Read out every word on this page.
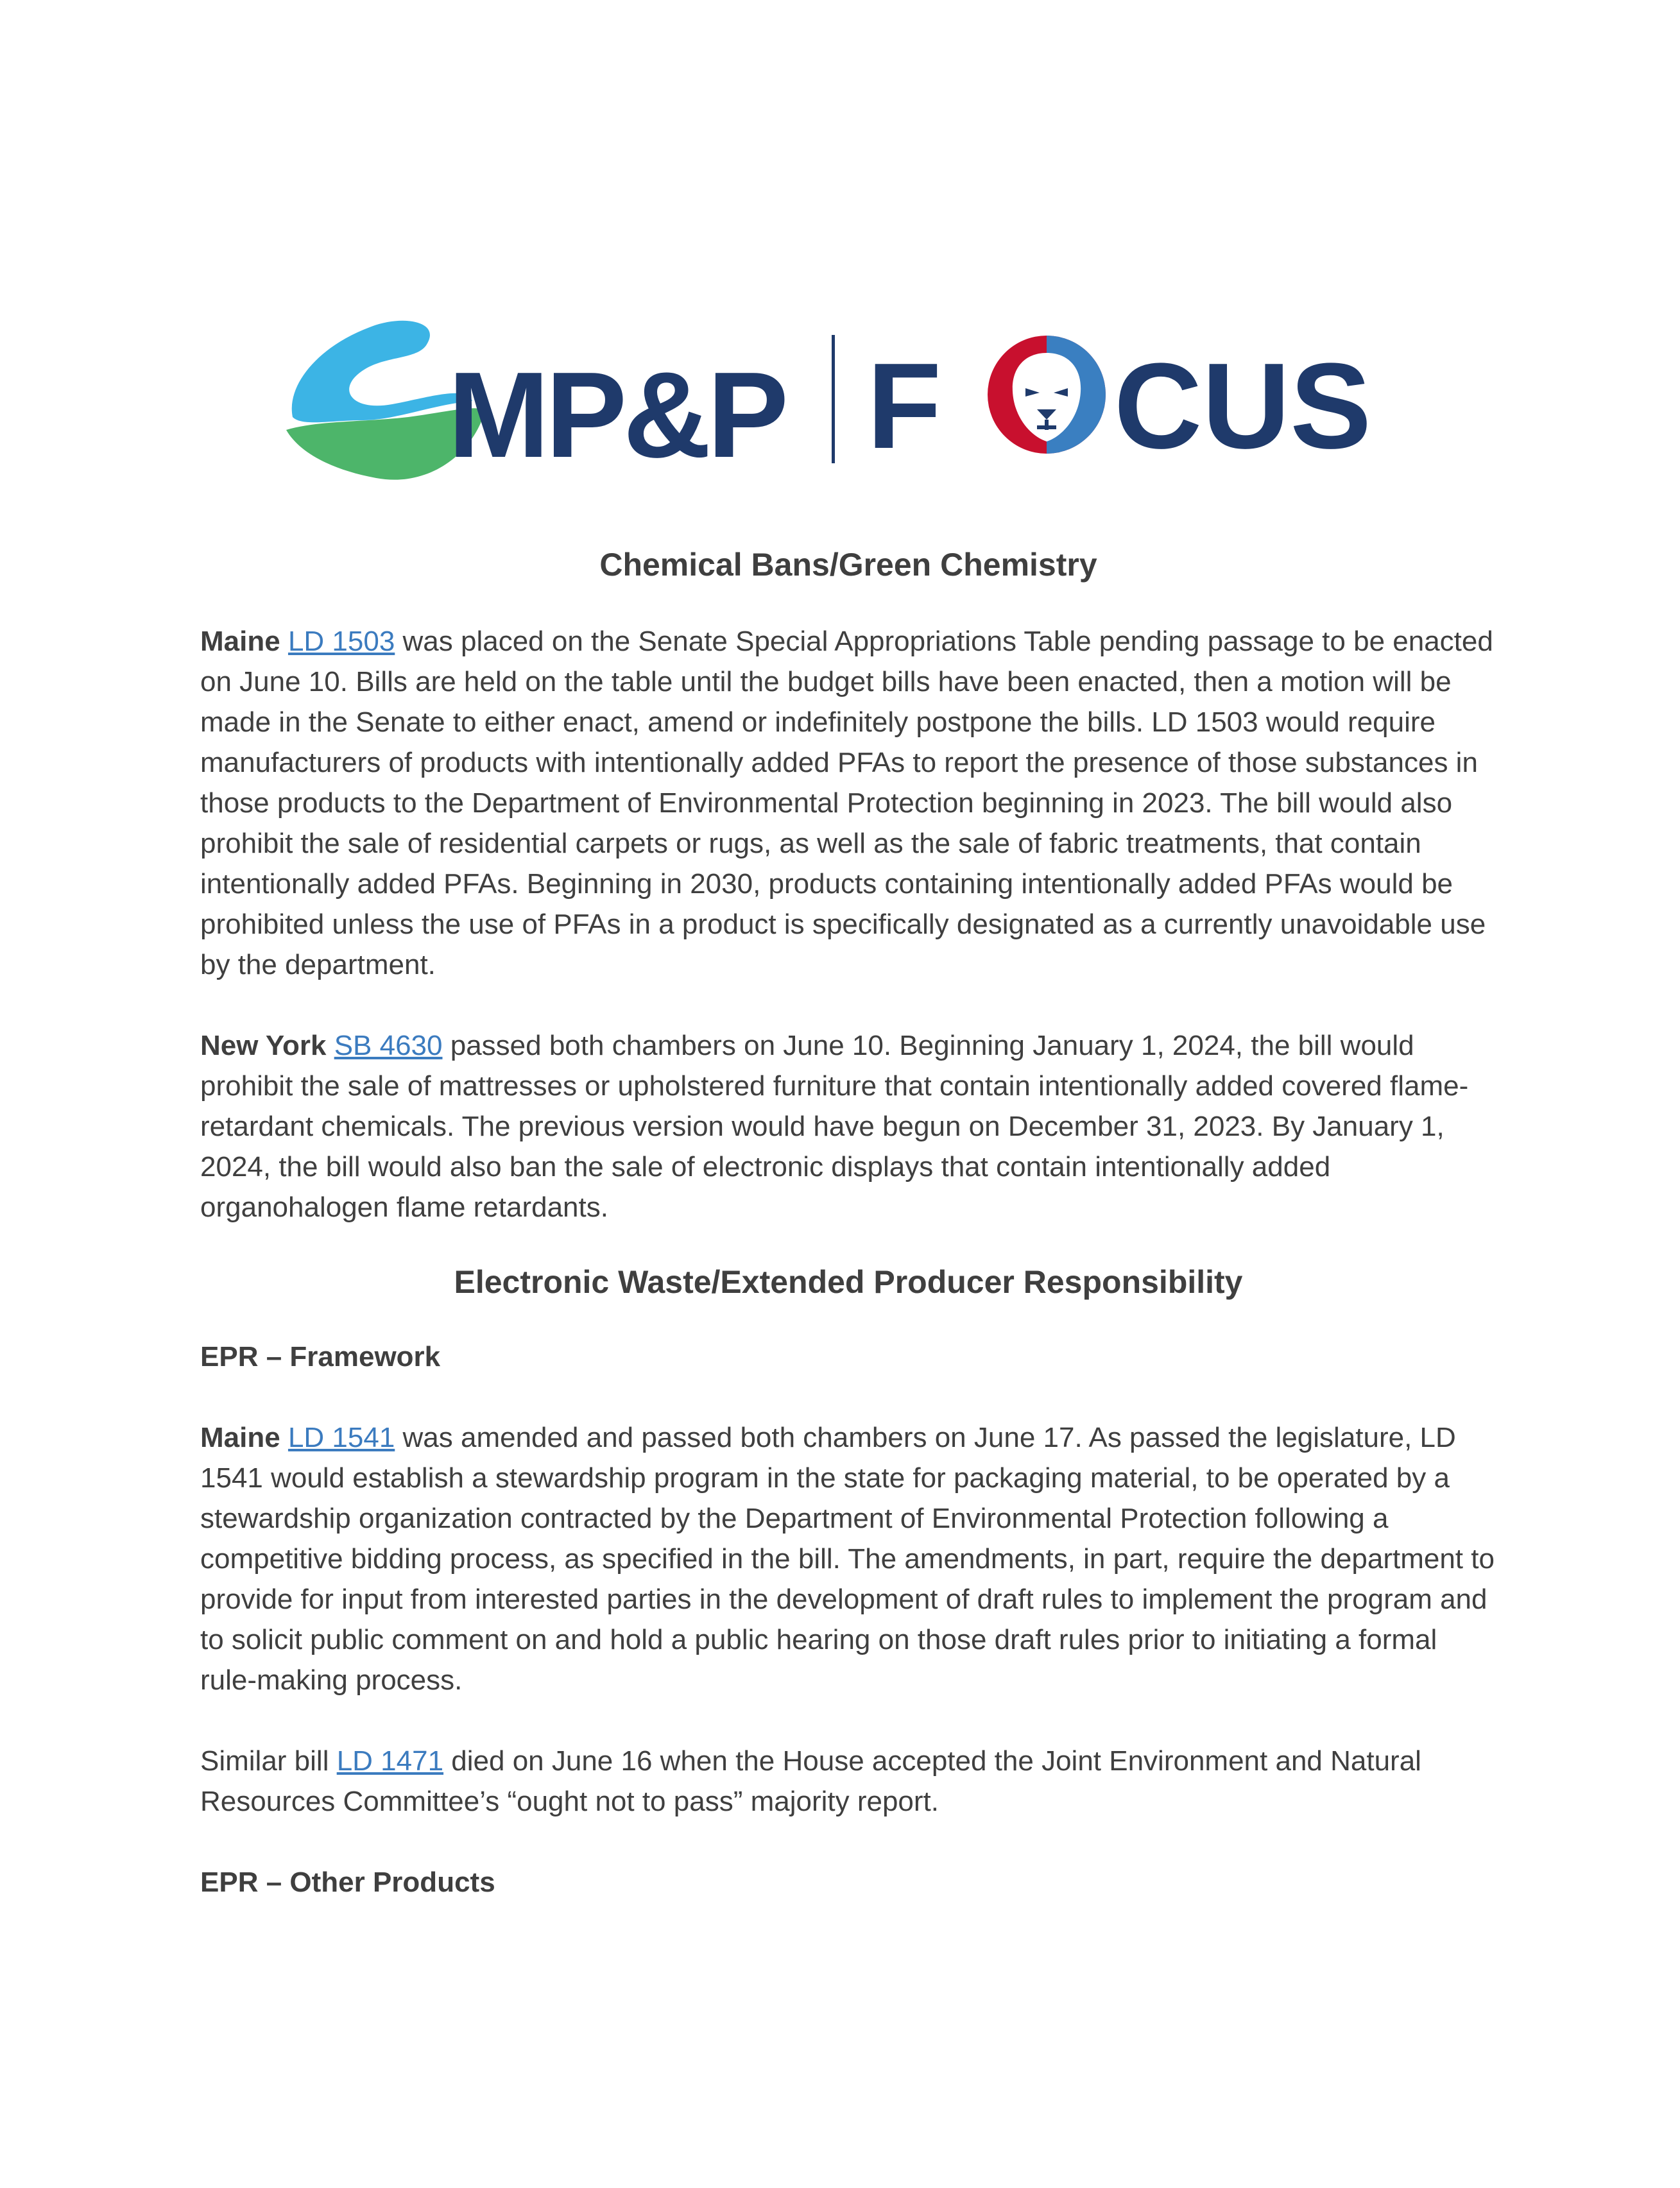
MP&P F CUS

Chemical Bans/Green Chemistry

Maine LD 1503 was placed on the Senate Special Appropriations Table pending passage to be enacted on June 10. Bills are held on the table until the budget bills have been enacted, then a motion will be made in the Senate to either enact, amend or indefinitely postpone the bills. LD 1503 would require manufacturers of products with intentionally added PFAs to report the presence of those substances in those products to the Department of Environmental Protection beginning in 2023. The bill would also prohibit the sale of residential carpets or rugs, as well as the sale of fabric treatments, that contain intentionally added PFAs. Beginning in 2030, products containing intentionally added PFAs would be prohibited unless the use of PFAs in a product is specifically designated as a currently unavoidable use by the department.

New York SB 4630 passed both chambers on June 10. Beginning January 1, 2024, the bill would prohibit the sale of mattresses or upholstered furniture that contain intentionally added covered flame-retardant chemicals. The previous version would have begun on December 31, 2023. By January 1, 2024, the bill would also ban the sale of electronic displays that contain intentionally added organohalogen flame retardants.

Electronic Waste/Extended Producer Responsibility

EPR – Framework

Maine LD 1541 was amended and passed both chambers on June 17. As passed the legislature, LD 1541 would establish a stewardship program in the state for packaging material, to be operated by a stewardship organization contracted by the Department of Environmental Protection following a competitive bidding process, as specified in the bill. The amendments, in part, require the department to provide for input from interested parties in the development of draft rules to implement the program and to solicit public comment on and hold a public hearing on those draft rules prior to initiating a formal rule-making process.

Similar bill LD 1471 died on June 16 when the House accepted the Joint Environment and Natural Resources Committee’s “ought not to pass” majority report.

EPR – Other Products
